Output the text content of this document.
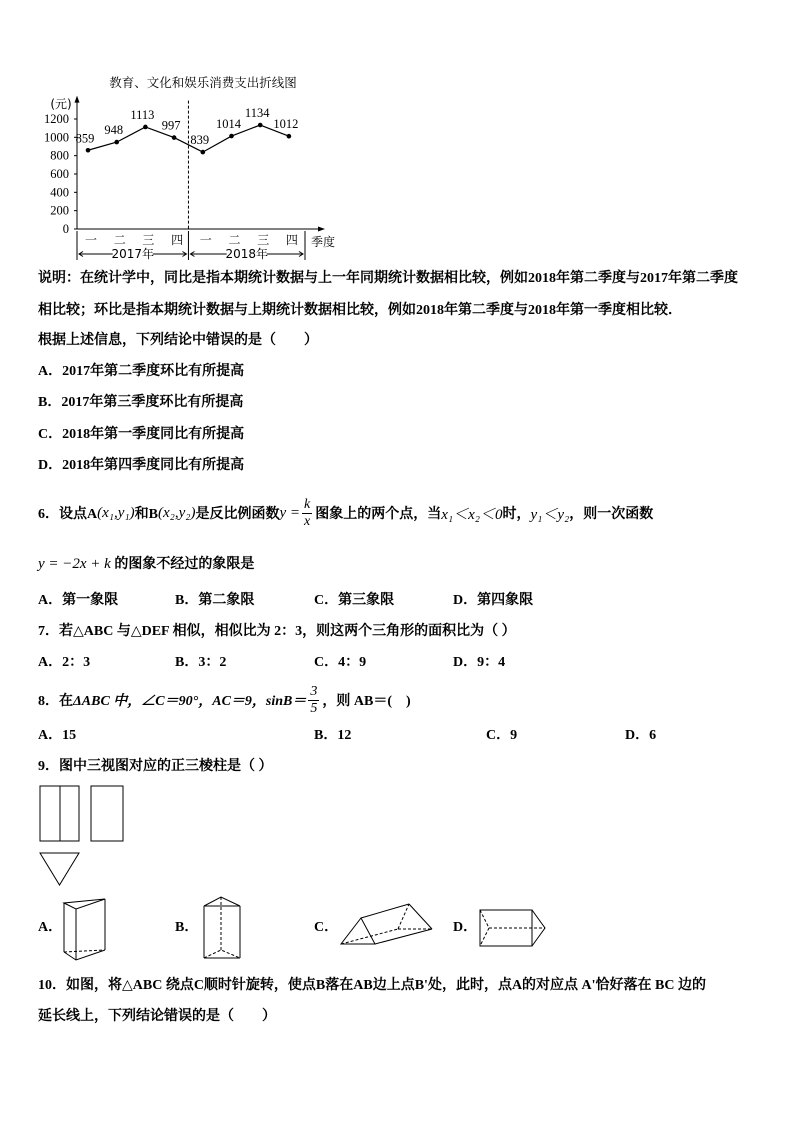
教育、文化和娱乐消费支出折线图
(元)
季度
0
200
400
600
800
1000
1200
859
948
1113
997
839
1014
1134
1012
一 二 三 四 一 二 三 四
2017年	2018年
说明：在统计学中，同比是指本期统计数据与上一年同期统计数据相比较，例如2018年第二季度与2017年第二季度
相比较；环比是指本期统计数据与上期统计数据相比较，例如2018年第二季度与2018年第一季度相比较．
根据上述信息，下列结论中错误的是（　　）
A．2017年第二季度环比有所提高
B．2017年第三季度环比有所提高
C．2018年第一季度同比有所提高
D．2018年第四季度同比有所提高
6．设点A (x₁,y₁) 和B (x₂,y₂) 是反比例函数 $y = \frac{k}{x}$ 图象上的两个点，当 x₁＜x₂＜0 时， y₁＜y₂ ，则一次函数
y = −2x + k 的图象不经过的象限是
A．第一象限	B．第二象限	C．第三象限	D．第四象限
7．若△ABC 与△DEF 相似，相似比为 2：3，则这两个三角形的面积比为（ ）
A．2：3	B．3：2	C．4：9	D．9：4
8．在 ΔABC 中，∠C＝90°，AC＝9，$\sin B= \frac{3}{5}$ ，则 AB＝(　)
A．15	B．12	C．9	D．6
9．图中三视图对应的正三棱柱是（ ）
A．	B．	C．	D．
10．如图，将△ABC 绕点C顺时针旋转，使点B落在AB边上点B'处，此时，点A的对应点 A'恰好落在 BC 边的
延长线上，下列结论错误的是（　　）
